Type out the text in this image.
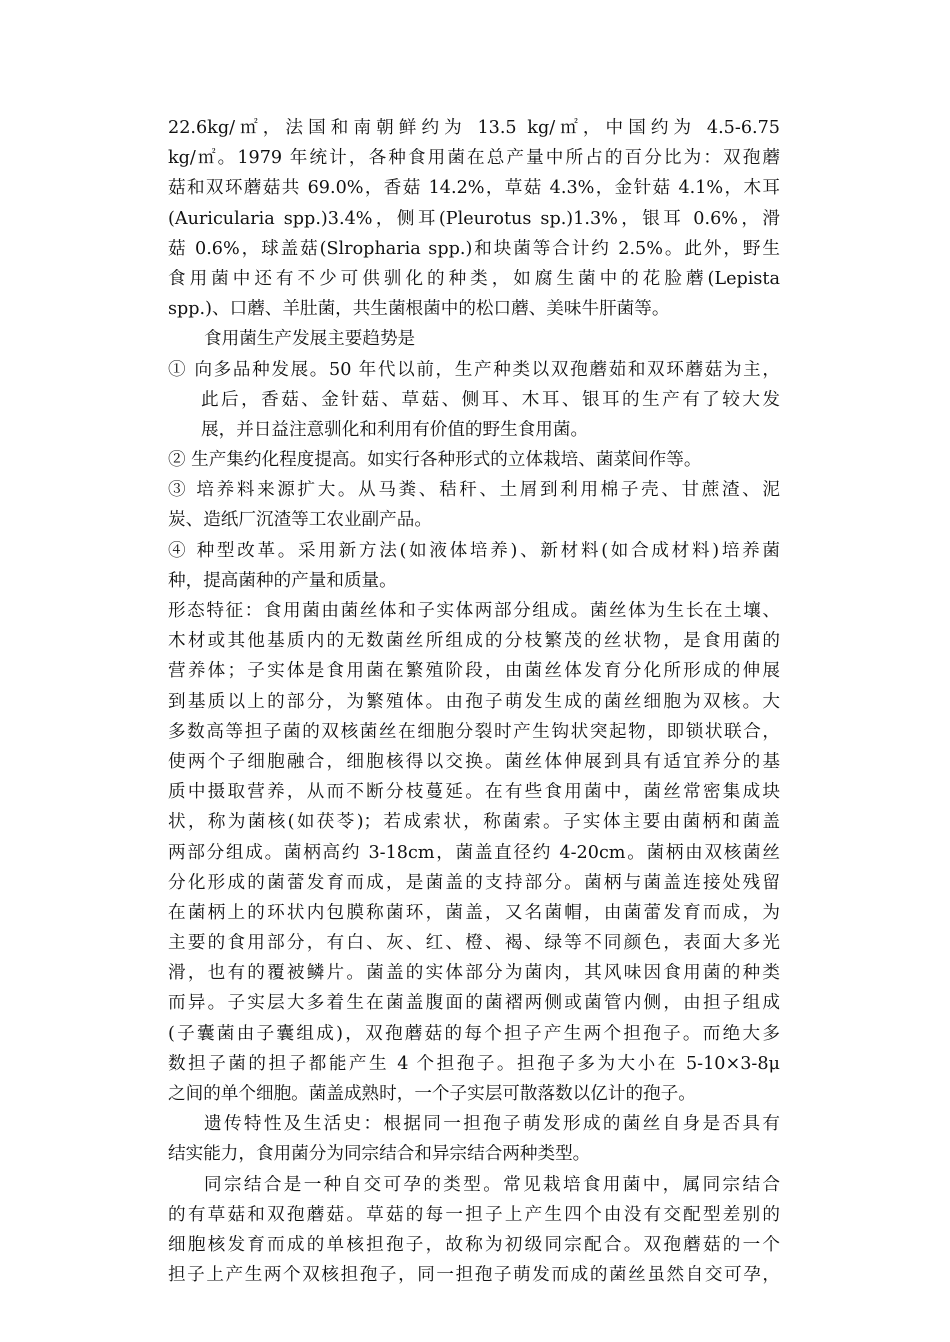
22.6kg/㎡，法国和南朝鲜约为 13.5 kg/㎡，中国约为 4.5-6.75
kg/㎡。1979 年统计，各种食用菌在总产量中所占的百分比为：双孢蘑
菇和双环蘑菇共 69.0%，香菇 14.2%，草菇 4.3%，金针菇 4.1%，木耳
(Auricularia spp.)3.4%，侧耳(Pleurotus sp.)1.3%，银耳 0.6%，滑
菇 0.6%，球盖菇(Slropharia spp.)和块菌等合计约 2.5%。此外，野生
食用菌中还有不少可供驯化的种类，如腐生菌中的花脸蘑(Lepista
spp.)、口蘑、羊肚菌，共生菌根菌中的松口蘑、美味牛肝菌等。
食用菌生产发展主要趋势是
① 向多品种发展。50 年代以前，生产种类以双孢蘑茹和双环蘑菇为主，
此后，香菇、金针菇、草菇、侧耳、木耳、银耳的生产有了较大发
展，并日益注意驯化和利用有价值的野生食用菌。
② 生产集约化程度提高。如实行各种形式的立体栽培、菌菜间作等。
③ 培养料来源扩大。从马粪、秸秆、土屑到利用棉子壳、甘蔗渣、泥
炭、造纸厂沉渣等工农业副产品。
④ 种型改革。采用新方法(如液体培养)、新材料(如合成材料)培养菌
种，提高菌种的产量和质量。
形态特征：食用菌由菌丝体和子实体两部分组成。菌丝体为生长在土壤、
木材或其他基质内的无数菌丝所组成的分枝繁茂的丝状物，是食用菌的
营养体；子实体是食用菌在繁殖阶段，由菌丝体发育分化所形成的伸展
到基质以上的部分，为繁殖体。由孢子萌发生成的菌丝细胞为双核。大
多数高等担子菌的双核菌丝在细胞分裂时产生钩状突起物，即锁状联合，
使两个子细胞融合，细胞核得以交换。菌丝体伸展到具有适宜养分的基
质中摄取营养，从而不断分枝蔓延。在有些食用菌中，菌丝常密集成块
状，称为菌核(如茯苓)；若成索状，称菌索。子实体主要由菌柄和菌盖
两部分组成。菌柄高约 3-18cm，菌盖直径约 4-20cm。菌柄由双核菌丝
分化形成的菌蕾发育而成，是菌盖的支持部分。菌柄与菌盖连接处残留
在菌柄上的环状内包膜称菌环，菌盖，又名菌帽，由菌蕾发育而成，为
主要的食用部分，有白、灰、红、橙、褐、绿等不同颜色，表面大多光
滑，也有的覆被鳞片。菌盖的实体部分为菌肉，其风味因食用菌的种类
而异。子实层大多着生在菌盖腹面的菌褶两侧或菌管内侧，由担子组成
(子囊菌由子囊组成)，双孢蘑菇的每个担子产生两个担孢子。而绝大多
数担子菌的担子都能产生 4 个担孢子。担孢子多为大小在 5-10×3-8μ
之间的单个细胞。菌盖成熟时，一个子实层可散落数以亿计的孢子。
遗传特性及生活史：根据同一担孢子萌发形成的菌丝自身是否具有
结实能力，食用菌分为同宗结合和异宗结合两种类型。
同宗结合是一种自交可孕的类型。常见栽培食用菌中，属同宗结合
的有草菇和双孢蘑菇。草菇的每一担子上产生四个由没有交配型差别的
细胞核发育而成的单核担孢子，故称为初级同宗配合。双孢蘑菇的一个
担子上产生两个双核担孢子，同一担孢子萌发而成的菌丝虽然自交可孕，
